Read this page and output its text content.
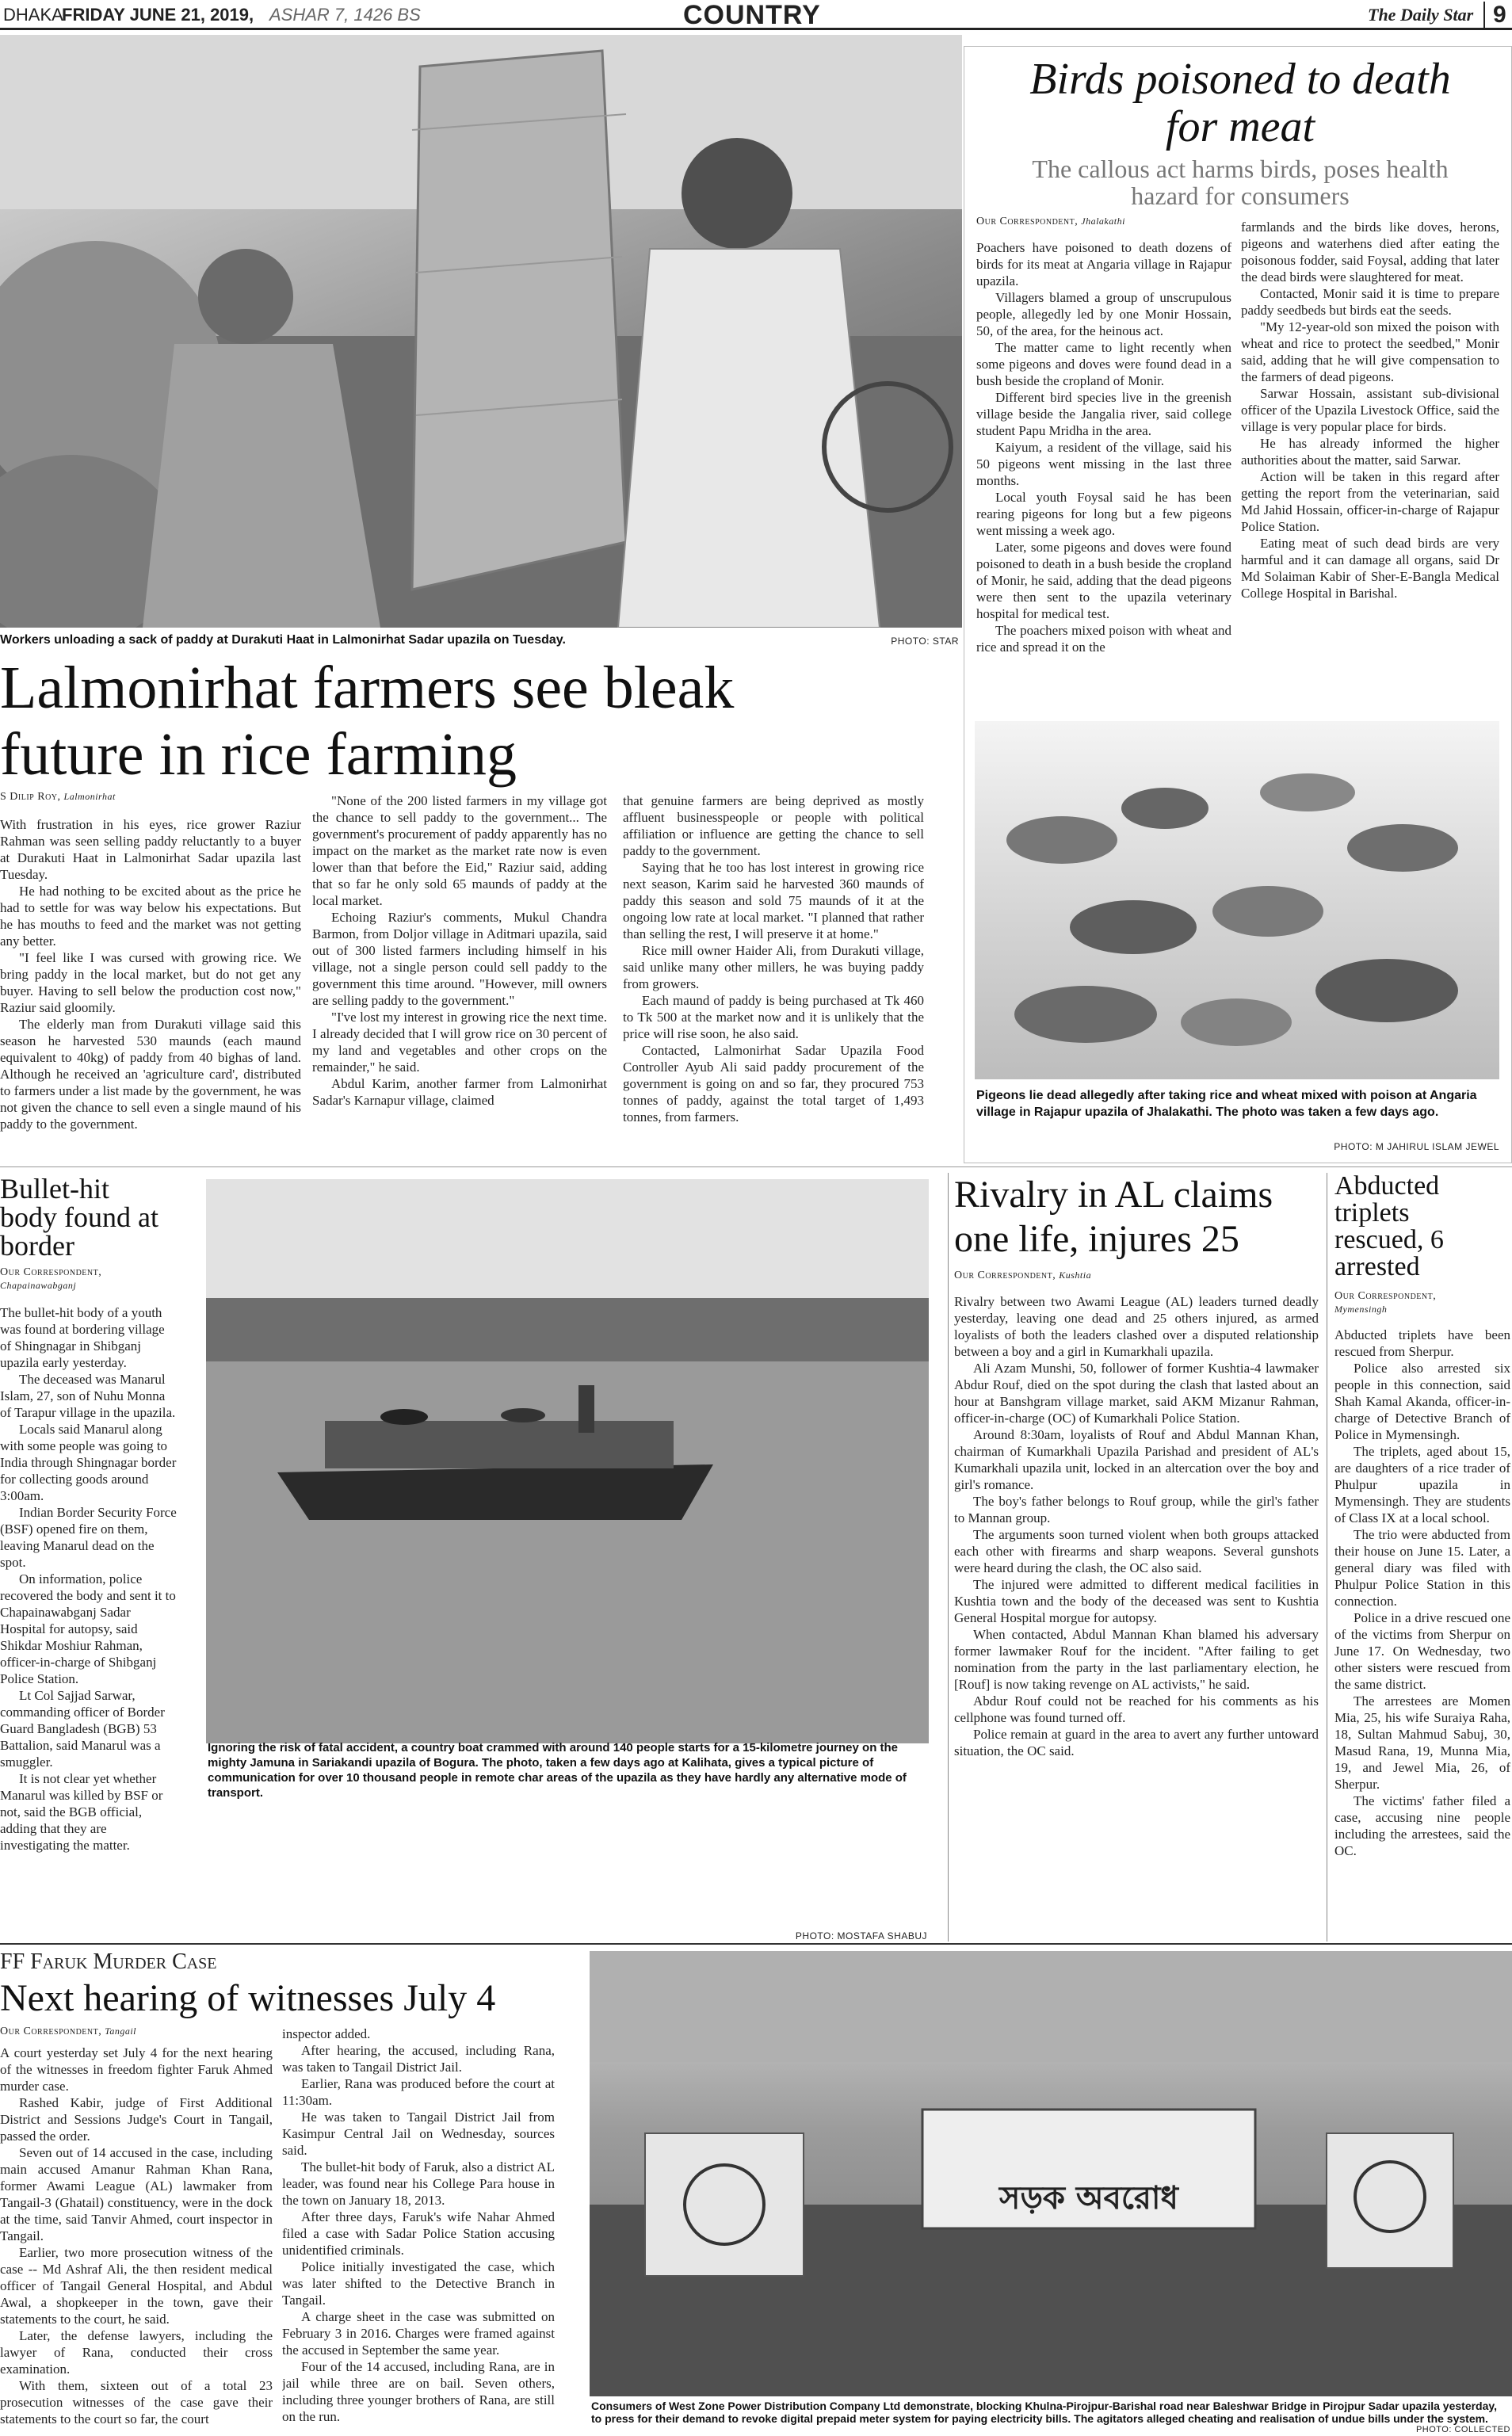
DHAKA
FRIDAY JUNE 21, 2019, ASHAR 7, 1426 BS	COUNTRY	The Daily Star 9
Workers unloading a sack of paddy at Durakuti Haat in Lalmonirhat Sadar upazila on Tuesday.	PHOTO: STAR
Lalmonirhat farmers see bleak
future in rice farming
S Dilip Roy, Lalmonirhat

With frustration in his eyes, rice grower Raziur Rahman was seen selling paddy reluctantly to a buyer at Durakuti Haat in Lalmonirhat Sadar upazila last Tuesday.

He had nothing to be excited about as the price he had to settle for was way below his expectations. But he has mouths to feed and the market was not getting any better.

"I feel like I was cursed with growing rice. We bring paddy in the local market, but do not get any buyer. Having to sell below the production cost now," Raziur said gloomily.

The elderly man from Durakuti village said this season he harvested 530 maunds (each maund equivalent to 40kg) of paddy from 40 bighas of land. Although he received an 'agriculture card', distributed to farmers under a list made by the government, he was not given the chance to sell even a single maund of his paddy to the government.

"None of the 200 listed farmers in my village got the chance to sell paddy to the government... The government's procurement of paddy apparently has no impact on the market as the market rate now is even lower than that before the Eid," Raziur said, adding that so far he only sold 65 maunds of paddy at the local market.

Echoing Raziur's comments, Mukul Chandra Barmon, from Doljor village in Aditmari upazila, said out of 300 listed farmers including himself in his village, not a single person could sell paddy to the government this time around. "However, mill owners are selling paddy to the government."

"I've lost my interest in growing rice the next time. I already decided that I will grow rice on 30 percent of my land and vegetables and other crops on the remainder," he said.

Abdul Karim, another farmer from Lalmonirhat Sadar's Karnapur village, claimed

that genuine farmers are being deprived as mostly affluent businesspeople or people with political affiliation or influence are getting the chance to sell paddy to the government.

Saying that he too has lost interest in growing rice next season, Karim said he harvested 360 maunds of paddy this season and sold 75 maunds of it at the ongoing low rate at local market. "I planned that rather than selling the rest, I will preserve it at home."

Rice mill owner Haider Ali, from Durakuti village, said unlike many other millers, he was buying paddy from growers.

Each maund of paddy is being purchased at Tk 460 to Tk 500 at the market now and it is unlikely that the price will rise soon, he also said.

Contacted, Lalmonirhat Sadar Upazila Food Controller Ayub Ali said paddy procurement of the government is going on and so far, they procured 753 tonnes of paddy, against the total target of 1,493 tonnes, from farmers.

Birds poisoned to death
for meat
The callous act harms birds, poses health
hazard for consumers
Our Correspondent, Jhalakathi

Poachers have poisoned to death dozens of birds for its meat at Angaria village in Rajapur upazila.

Villagers blamed a group of unscrupulous people, allegedly led by one Monir Hossain, 50, of the area, for the heinous act.

The matter came to light recently when some pigeons and doves were found dead in a bush beside the cropland of Monir.

Different bird species live in the greenish village beside the Jangalia river, said college student Papu Mridha in the area.

Kaiyum, a resident of the village, said his 50 pigeons went missing in the last three months.

Local youth Foysal said he has been rearing pigeons for long but a few pigeons went missing a week ago.

Later, some pigeons and doves were found poisoned to death in a bush beside the cropland of Monir, he said, adding that the dead pigeons were then sent to the upazila veterinary hospital for medical test.

The poachers mixed poison with wheat and rice and spread it on the

farmlands and the birds like doves, herons, pigeons and waterhens died after eating the poisonous fodder, said Foysal, adding that later the dead birds were slaughtered for meat.

Contacted, Monir said it is time to prepare paddy seedbeds but birds eat the seeds.

"My 12-year-old son mixed the poison with wheat and rice to protect the seedbed," Monir said, adding that he will give compensation to the farmers of dead pigeons.

Sarwar Hossain, assistant sub-divisional officer of the Upazila Livestock Office, said the village is very popular place for birds.

He has already informed the higher authorities about the matter, said Sarwar.

Action will be taken in this regard after getting the report from the veterinarian, said Md Jahid Hossain, officer-in-charge of Rajapur Police Station.

Eating meat of such dead birds are very harmful and it can damage all organs, said Dr Md Solaiman Kabir of Sher-E-Bangla Medical College Hospital in Barishal.

Pigeons lie dead allegedly after taking rice and wheat mixed with poison at Angaria village in Rajapur upazila of Jhalakathi. The photo was taken a few days ago.
PHOTO: M JAHIRUL ISLAM JEWEL
Bullet-hit
body found at
border
Our Correspondent,
Chapainawabganj

The bullet-hit body of a youth was found at bordering village of Shingnagar in Shibganj upazila early yesterday.

The deceased was Manarul Islam, 27, son of Nuhu Monna of Tarapur village in the upazila.

Locals said Manarul along with some people was going to India through Shingnagar border for collecting goods around 3:00am.

Indian Border Security Force (BSF) opened fire on them, leaving Manarul dead on the spot.

On information, police recovered the body and sent it to Chapainawabganj Sadar Hospital for autopsy, said Shikdar Moshiur Rahman, officer-in-charge of Shibganj Police Station.

Lt Col Sajjad Sarwar, commanding officer of Border Guard Bangladesh (BGB) 53 Battalion, said Manarul was a smuggler.

It is not clear yet whether Manarul was killed by BSF or not, said the BGB official, adding that they are investigating the matter.

Ignoring the risk of fatal accident, a country boat crammed with around 140 people starts for a 15-kilometre journey on the mighty Jamuna in Sariakandi upazila of Bogura. The photo, taken a few days ago at Kalihata, gives a typical picture of communication for over 10 thousand people in remote char areas of the upazila as they have hardly any alternative mode of transport.
PHOTO: MOSTAFA SHABUJ
Rivalry in AL claims
one life, injures 25
Our Correspondent, Kushtia

Rivalry between two Awami League (AL) leaders turned deadly yesterday, leaving one dead and 25 others injured, as armed loyalists of both the leaders clashed over a disputed relationship between a boy and a girl in Kumarkhali upazila.

Ali Azam Munshi, 50, follower of former Kushtia-4 lawmaker Abdur Rouf, died on the spot during the clash that lasted about an hour at Banshgram village market, said AKM Mizanur Rahman, officer-in-charge (OC) of Kumarkhali Police Station.

Around 8:30am, loyalists of Rouf and Abdul Mannan Khan, chairman of Kumarkhali Upazila Parishad and president of AL's Kumarkhali upazila unit, locked in an altercation over the boy and girl's romance.

The boy's father belongs to Rouf group, while the girl's father to Mannan group.

The arguments soon turned violent when both groups attacked each other with firearms and sharp weapons. Several gunshots were heard during the clash, the OC also said.

The injured were admitted to different medical facilities in Kushtia town and the body of the deceased was sent to Kushtia General Hospital morgue for autopsy.

When contacted, Abdul Mannan Khan blamed his adversary former lawmaker Rouf for the incident. "After failing to get nomination from the party in the last parliamentary election, he [Rouf] is now taking revenge on AL activists," he said.

Abdur Rouf could not be reached for his comments as his cellphone was found turned off.

Police remain at guard in the area to avert any further untoward situation, the OC said.

Abducted
triplets
rescued, 6
arrested
Our Correspondent,
Mymensingh

Abducted triplets have been rescued from Sherpur.

Police also arrested six people in this connection, said Shah Kamal Akanda, officer-in-charge of Detective Branch of Police in Mymensingh.

The triplets, aged about 15, are daughters of a rice trader of Phulpur upazila in Mymensingh. They are students of Class IX at a local school.

The trio were abducted from their house on June 15. Later, a general diary was filed with Phulpur Police Station in this connection.

Police in a drive rescued one of the victims from Sherpur on June 17. On Wednesday, two other sisters were rescued from the same district.

The arrestees are Momen Mia, 25, his wife Suraiya Raha, 18, Sultan Mahmud Sabuj, 30, Masud Rana, 19, Munna Mia, 19, and Jewel Mia, 26, of Sherpur.

The victims' father filed a case, accusing nine people including the arrestees, said the OC.

FF Faruk Murder Case
Next hearing of witnesses July 4
Our Correspondent, Tangail

A court yesterday set July 4 for the next hearing of the witnesses in freedom fighter Faruk Ahmed murder case.

Rashed Kabir, judge of First Additional District and Sessions Judge's Court in Tangail, passed the order.

Seven out of 14 accused in the case, including main accused Amanur Rahman Khan Rana, former Awami League (AL) lawmaker from Tangail-3 (Ghatail) constituency, were in the dock at the time, said Tanvir Ahmed, court inspector in Tangail.

Earlier, two more prosecution witness of the case -- Md Ashraf Ali, the then resident medical officer of Tangail General Hospital, and Abdul Awal, a shopkeeper in the town, gave their statements to the court, he said.

Later, the defense lawyers, including the lawyer of Rana, conducted their cross examination.

With them, sixteen out of a total 23 prosecution witnesses of the case gave their statements to the court so far, the court

inspector added.

After hearing, the accused, including Rana, was taken to Tangail District Jail.

Earlier, Rana was produced before the court at 11:30am.

He was taken to Tangail District Jail from Kasimpur Central Jail on Wednesday, sources said.

The bullet-hit body of Faruk, also a district AL leader, was found near his College Para house in the town on January 18, 2013.

After three days, Faruk's wife Nahar Ahmed filed a case with Sadar Police Station accusing unidentified criminals.

Police initially investigated the case, which was later shifted to the Detective Branch in Tangail.

A charge sheet in the case was submitted on February 3 in 2016. Charges were framed against the accused in September the same year.

Four of the 14 accused, including Rana, are in jail while three are on bail. Seven others, including three younger brothers of Rana, are still on the run.

সড়ক অবরোধ
Consumers of West Zone Power Distribution Company Ltd demonstrate, blocking Khulna-Pirojpur-Barishal road near Baleshwar Bridge in Pirojpur Sadar upazila yesterday, to press for their demand to revoke digital prepaid meter system for paying electricity bills. The agitators alleged cheating and realisation of undue bills under the system.
PHOTO: COLLECTED
